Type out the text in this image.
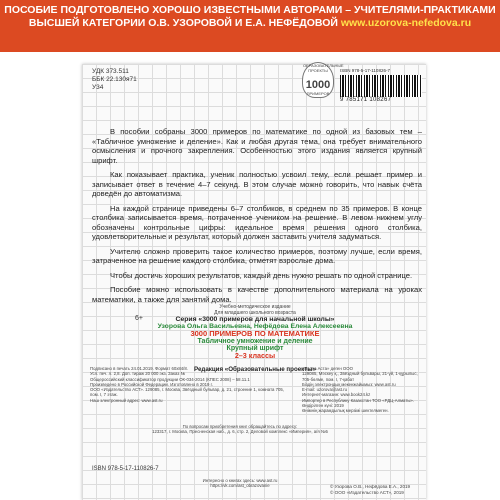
ПОСОБИЕ ПОДГОТОВЛЕНО ХОРОШО ИЗВЕСТНЫМИ АВТОРАМИ – УЧИТЕЛЯМИ-ПРАКТИКАМИ
ВЫСШЕЙ КАТЕГОРИИ О.В. УЗОРОВОЙ И Е.А. НЕФЁДОВОЙ www.uzorova-nefedova.ru
УДК 373.511
ББК 22.130я71
У34
ОБРАЗОВАТЕЛЬНЫЕ ПРОЕКТЫ
1000
ПРИМЕРОВ
ISBN 978-5-17-110826-7
9 785171 108267

В пособии собраны 3000 примеров по математике по одной из базовых тем – «Табличное умножение и деление». Как и любая другая тема, она требует внимательного осмысления и прочного закрепления. Особенностью этого издания является крупный шрифт.

Как показывает практика, ученик полностью усвоил тему, если решает пример и записывает ответ в течение 4–7 секунд. В этом случае можно говорить, что навык счёта доведён до автоматизма.

На каждой странице приведены 6–7 столбиков, в среднем по 35 примеров. В конце столбика записывается время, потраченное учеником на решение. В левом нижнем углу обозначены контрольные цифры: идеальное время решения одного столбика, удовлетворительные и результат, который должен заставить учителя задуматься.

Учителю сложно проверить такое количество примеров, поэтому лучше, если время, затраченное на решение каждого столбика, отметят взрослые дома.

Чтобы достичь хороших результатов, каждый день нужно решать по одной странице.

Пособие можно использовать в качестве дополнительного материала на уроках математики, а также для занятий дома.

6+
Учебно-методическое издание
Для младшего школьного возраста
Серия «3000 примеров для начальной школы»
Узорова Ольга Васильевна, Нефёдова Елена Алексеевна
3000 ПРИМЕРОВ ПО МАТЕМАТИКЕ
Табличное умножение и деление
Крупный шрифт
2–3 классы
Редакция «Образовательные проекты»
Подписано в печать 24.01.2019. Формат 60х84/8.
Усл. печ. л. 2,8. Доп. тираж 20 000 экз. Заказ №
Общероссийский классификатор продукции ОК-034-2014 (КПЕС 2008) – 58.11.1
Произведено в Российской Федерации. Изготовлено в 2019 г.
ООО «Издательство АСТ». 129085, г. Москва, Звёздный бульвар, д. 21, строение 1, комната 705, пом. I, 7 этаж.
Наш электронный адрес: www.ast.ru
«Баспа Аста» деген ООО
129085, Мәскеу қ., Звёздный бульвары, 21-үй, 1-құрылыс, 705-бөлме, пом. I, 7-қабат
Біздің электрондық мекенжайымыз: www.ast.ru
E-mail: uzorova@ast.ru
Интернет-магазин: www.book24.kz
Импортер в Республику Казахстан ТОО «РДЦ-Алматы».
Өндірілген күні: 2019
Өнімнің жарамдылық мерзімі шектелмеген.
По вопросам приобретения книг обращайтесь по адресу:
123317, г. Москва, Пресненская наб., д. 6, стр. 2, Деловой комплекс «Империя», а/я №5
ISBN 978-5-17-110826-7
Интересно о книгах здесь: www.ast.ru
https://vk.com/ast_obrazovanie	© Узорова О.В., Нефёдова Е.А., 2019
© ООО «Издательство АСТ», 2019
